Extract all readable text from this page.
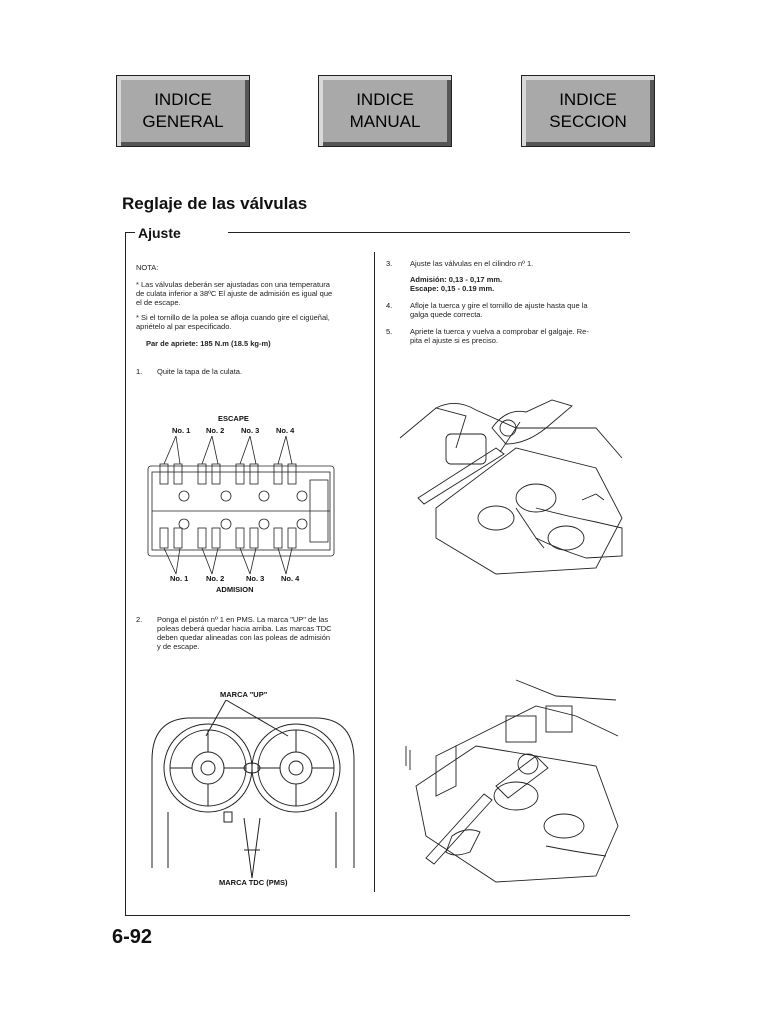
INDICE
GENERAL
INDICE
MANUAL
INDICE
SECCION
Reglaje de las válvulas
Ajuste
NOTA:
* Las válvulas deberán ser ajustadas con una temperatura
de culata inferior a 38ºC El ajuste de admisión es igual que
el de escape.
* Si el tornillo de la polea se afloja cuando gire el cigüeñal,
apriételo al par especificado.
Par de apriete: 185 N.m (18.5 kg-m)
1. Quite la tapa de la culata.
ESCAPE
No. 1 No. 2 No. 3 No. 4
No. 1 No. 2	No. 3 No. 4
ADMISION
2. Ponga el pistón nº 1 en PMS. La marca "UP" de las
poleas deberá quedar hacia arriba. Las marcas TDC
deben quedar alineadas con las poleas de admisión
y de escape.
MARCA "UP"
MARCA TDC (PMS)
3. Ajuste las válvulas en el cilindro nº 1.
Admisión: 0,13 - 0,17 mm.
Escape: 0,15 - 0.19 mm.
4. Afloje la tuerca y gire el tornillo de ajuste hasta que la
galga quede correcta.
5. Apriete la tuerca y vuelva a comprobar el galgaje. Re-
pita el ajuste si es preciso.
6-92
